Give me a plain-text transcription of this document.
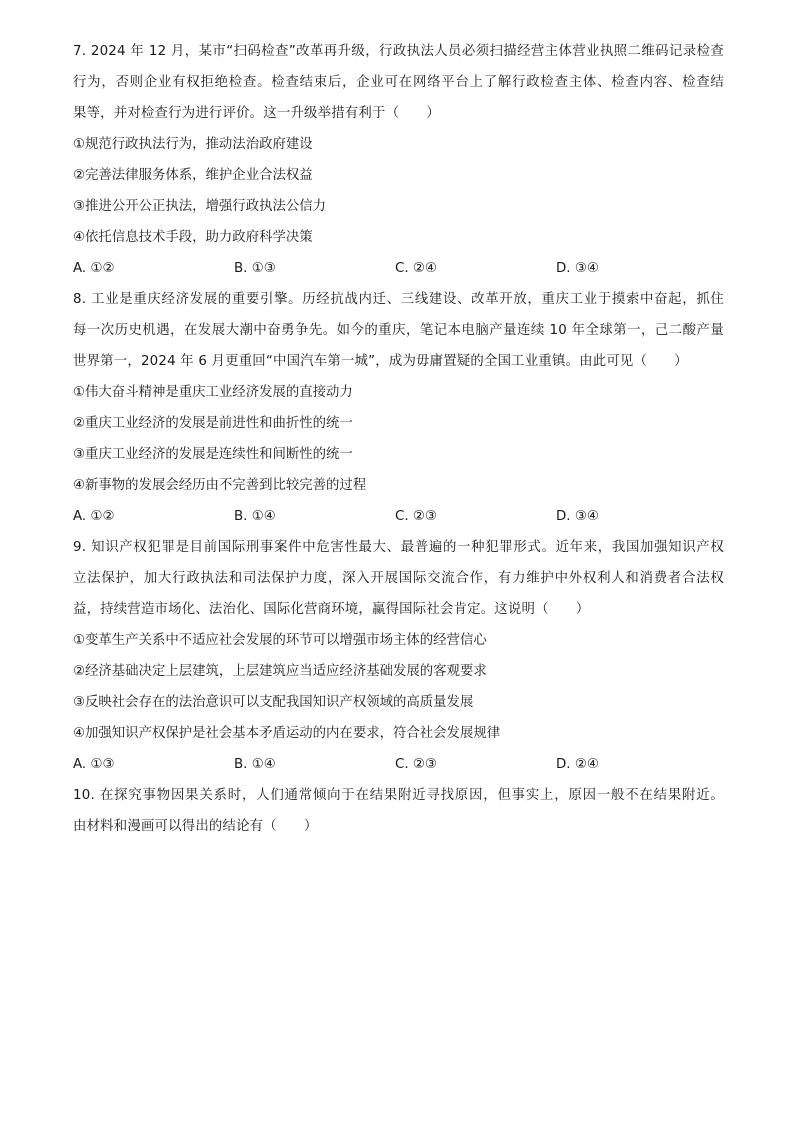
7. 2024 年 12 月，某市“扫码检查”改革再升级，行政执法人员必须扫描经营主体营业执照二维码记录检查
行为，否则企业有权拒绝检查。检查结束后，企业可在网络平台上了解行政检查主体、检查内容、检查结
果等，并对检查行为进行评价。这一升级举措有利于（　　）
①规范行政执法行为，推动法治政府建设
②完善法律服务体系，维护企业合法权益
③推进公开公正执法，增强行政执法公信力
④依托信息技术手段，助力政府科学决策
A. ①②	B. ①③	C. ②④	D. ③④
8. 工业是重庆经济发展的重要引擎。历经抗战内迁、三线建设、改革开放，重庆工业于摸索中奋起，抓住
每一次历史机遇，在发展大潮中奋勇争先。如今的重庆，笔记本电脑产量连续 10 年全球第一，己二酸产量
世界第一，2024 年 6 月更重回“中国汽车第一城”，成为毋庸置疑的全国工业重镇。由此可见（　　）
①伟大奋斗精神是重庆工业经济发展的直接动力
②重庆工业经济的发展是前进性和曲折性的统一
③重庆工业经济的发展是连续性和间断性的统一
④新事物的发展会经历由不完善到比较完善的过程
A. ①②	B. ①④	C. ②③	D. ③④
9. 知识产权犯罪是目前国际刑事案件中危害性最大、最普遍的一种犯罪形式。近年来，我国加强知识产权
立法保护，加大行政执法和司法保护力度，深入开展国际交流合作，有力维护中外权利人和消费者合法权
益，持续营造市场化、法治化、国际化营商环境，赢得国际社会肯定。这说明（　　）
①变革生产关系中不适应社会发展的环节可以增强市场主体的经营信心
②经济基础决定上层建筑，上层建筑应当适应经济基础发展的客观要求
③反映社会存在的法治意识可以支配我国知识产权领域的高质量发展
④加强知识产权保护是社会基本矛盾运动的内在要求，符合社会发展规律
A. ①③	B. ①④	C. ②③	D. ②④
10. 在探究事物因果关系时，人们通常倾向于在结果附近寻找原因，但事实上，原因一般不在结果附近。
由材料和漫画可以得出的结论有（　　）
